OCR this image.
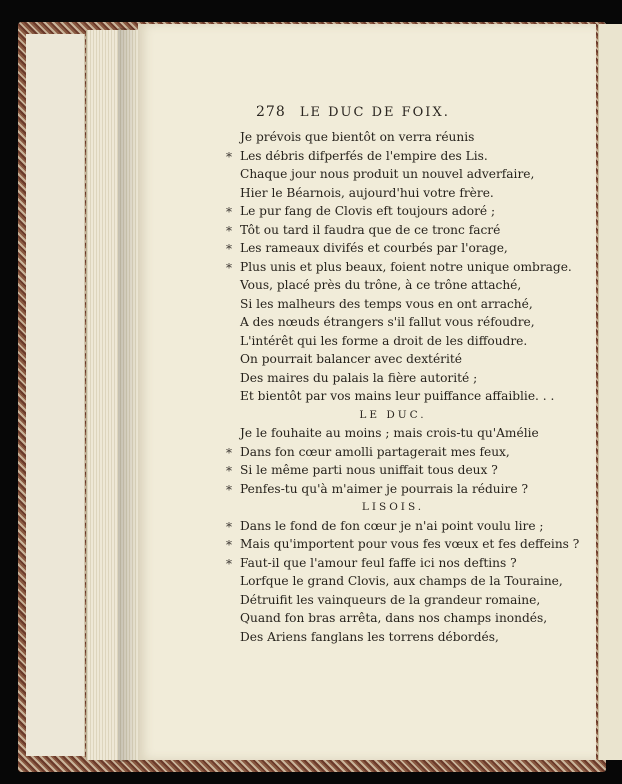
278 LE DUC DE FOIX.
Je prévois que bientôt on verra réunis
* Les débris difperfés de l'empire des Lis.
Chaque jour nous produit un nouvel adverfaire,
Hier le Béarnois, aujourd'hui votre frère.
* Le pur fang de Clovis eft toujours adoré ;
* Tôt ou tard il faudra que de ce tronc facré
* Les rameaux divifés et courbés par l'orage,
* Plus unis et plus beaux, foient notre unique ombrage.
Vous, placé près du trône, à ce trône attaché,
Si les malheurs des temps vous en ont arraché,
A des nœuds étrangers s'il fallut vous réfoudre,
L'intérêt qui les forme a droit de les diffoudre.
On pourrait balancer avec dextérité
Des maires du palais la fière autorité ;
Et bientôt par vos mains leur puiffance affaiblie. . .
LE DUC.
Je le fouhaite au moins ; mais crois-tu qu'Amélie
* Dans fon cœur amolli partagerait mes feux,
* Si le même parti nous uniffait tous deux ?
* Penfes-tu qu'à m'aimer je pourrais la réduire ?
LISOIS.
* Dans le fond de fon cœur je n'ai point voulu lire ;
* Mais qu'importent pour vous fes vœux et fes deffeins ?
* Faut-il que l'amour feul faffe ici nos deftins ?
Lorfque le grand Clovis, aux champs de la Touraine,
Détruifit les vainqueurs de la grandeur romaine,
Quand fon bras arrêta, dans nos champs inondés,
Des Ariens fanglans les torrens débordés,
